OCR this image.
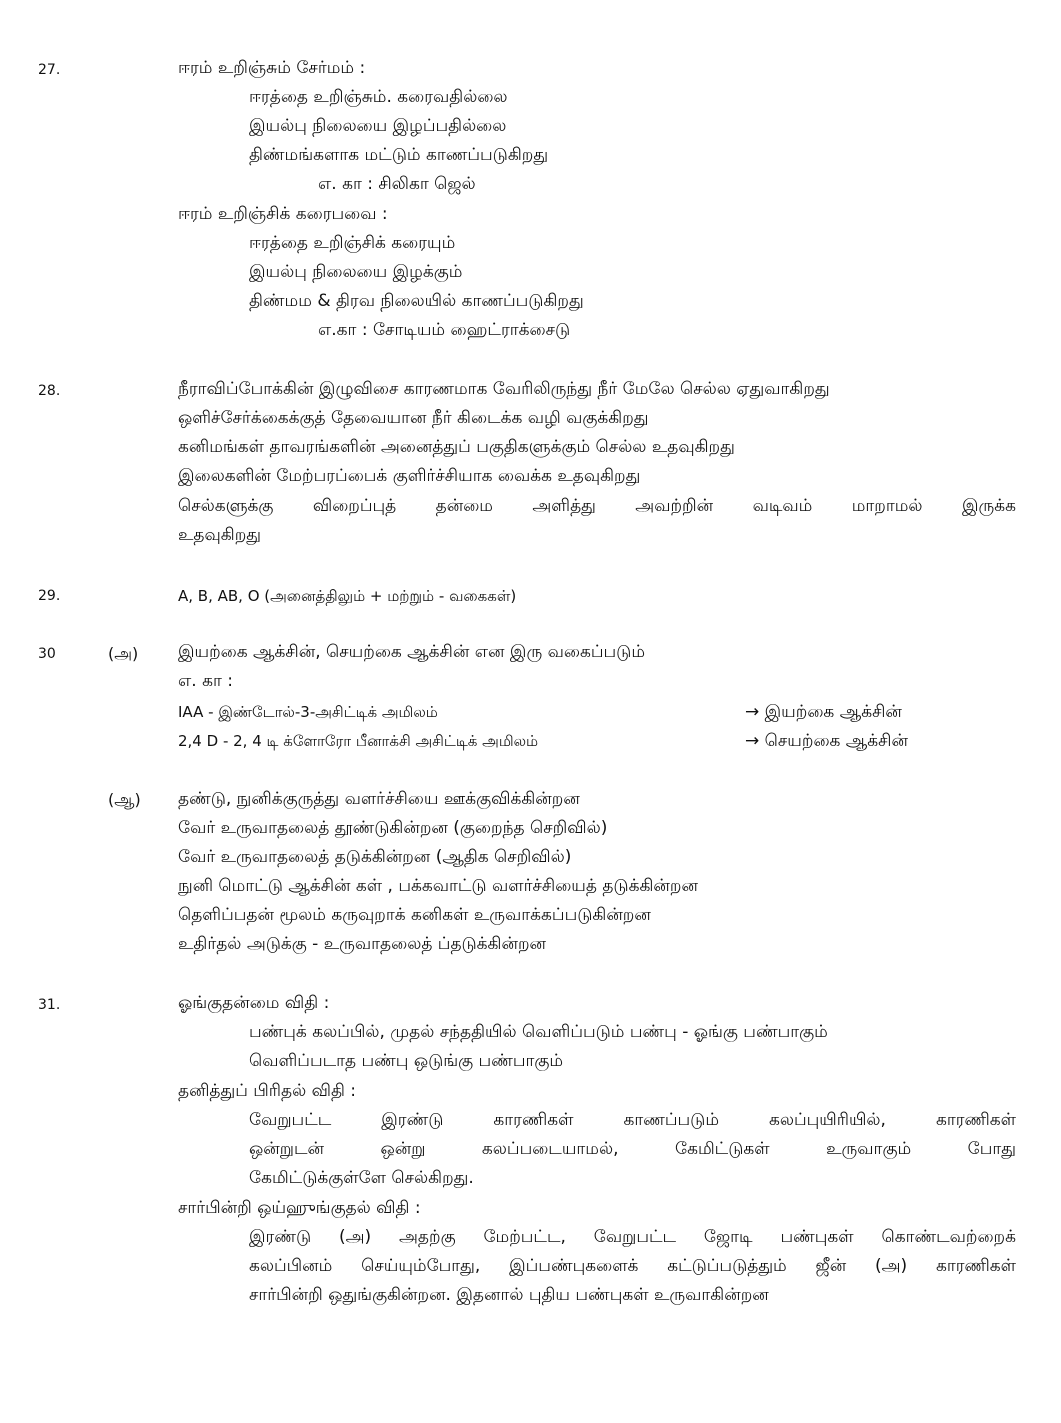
27.	ஈரம் உறிஞ்சும் சேர்மம் :
ஈரத்தை உறிஞ்சும். கரைவதில்லை
இயல்பு நிலையை இழப்பதில்லை
திண்மங்களாக மட்டும் காணப்படுகிறது
எ. கா : சிலிகா ஜெல்
ஈரம் உறிஞ்சிக் கரைபவை :
ஈரத்தை உறிஞ்சிக் கரையும்
இயல்பு நிலையை இழக்கும்
திண்மம & திரவ நிலையில் காணப்படுகிறது
எ.கா : சோடியம் ஹைட்ராக்சைடு
28.	நீராவிப்போக்கின் இழுவிசை காரணமாக வேரிலிருந்து நீர் மேலே செல்ல ஏதுவாகிறது
ஒளிச்சேர்க்கைக்குத் தேவையான நீர் கிடைக்க வழி வகுக்கிறது
கனிமங்கள் தாவரங்களின் அனைத்துப் பகுதிகளுக்கும் செல்ல உதவுகிறது
இலைகளின் மேற்பரப்பைக் குளிர்ச்சியாக வைக்க உதவுகிறது
செல்களுக்கு விறைப்புத் தன்மை அளித்து அவற்றின் வடிவம் மாறாமல் இருக்க
உதவுகிறது
29.	A, B, AB, O (அனைத்திலும் + மற்றும் - வகைகள்)
30	(அ) இயற்கை ஆக்சின், செயற்கை ஆக்சின் என இரு வகைப்படும்
எ. கா :
IAA - இண்டோல்-3-அசிட்டிக் அமிலம்	→ இயற்கை ஆக்சின்
2,4 D - 2, 4 டி க்ளோரோ பீனாக்சி அசிட்டிக் அமிலம்	→ செயற்கை ஆக்சின்
(ஆ) தண்டு, நுனிக்குருத்து வளர்ச்சியை ஊக்குவிக்கின்றன
வேர் உருவாதலைத் தூண்டுகின்றன (குறைந்த செறிவில்)
வேர் உருவாதலைத் தடுக்கின்றன (ஆதிக செறிவில்)
நுனி மொட்டு ஆக்சின் கள் , பக்கவாட்டு வளர்ச்சியைத் தடுக்கின்றன
தெளிப்பதன் மூலம் கருவுறாக் கனிகள் உருவாக்கப்படுகின்றன
உதிர்தல் அடுக்கு - உருவாதலைத் ப்தடுக்கின்றன
31.	ஓங்குதன்மை விதி :
பண்புக் கலப்பில், முதல் சந்ததியில் வெளிப்படும் பண்பு - ஓங்கு பண்பாகும்
வெளிப்படாத பண்பு ஒடுங்கு பண்பாகும்
தனித்துப் பிரிதல் விதி :
வேறுபட்ட இரண்டு காரணிகள் காணப்படும் கலப்புயிரியில், காரணிகள்
ஒன்றுடன் ஒன்று கலப்படையாமல், கேமிட்டுகள் உருவாகும் போது
கேமிட்டுக்குள்ளே செல்கிறது.
சார்பின்றி ஒய்ஹுங்குதல் விதி :
இரண்டு (அ) அதற்கு மேற்பட்ட, வேறுபட்ட ஜோடி பண்புகள் கொண்டவற்றைக்
கலப்பினம் செய்யும்போது, இப்பண்புகளைக் கட்டுப்படுத்தும் ஜீன் (அ) காரணிகள்
சார்பின்றி ஒதுங்குகின்றன. இதனால் புதிய பண்புகள் உருவாகின்றன
